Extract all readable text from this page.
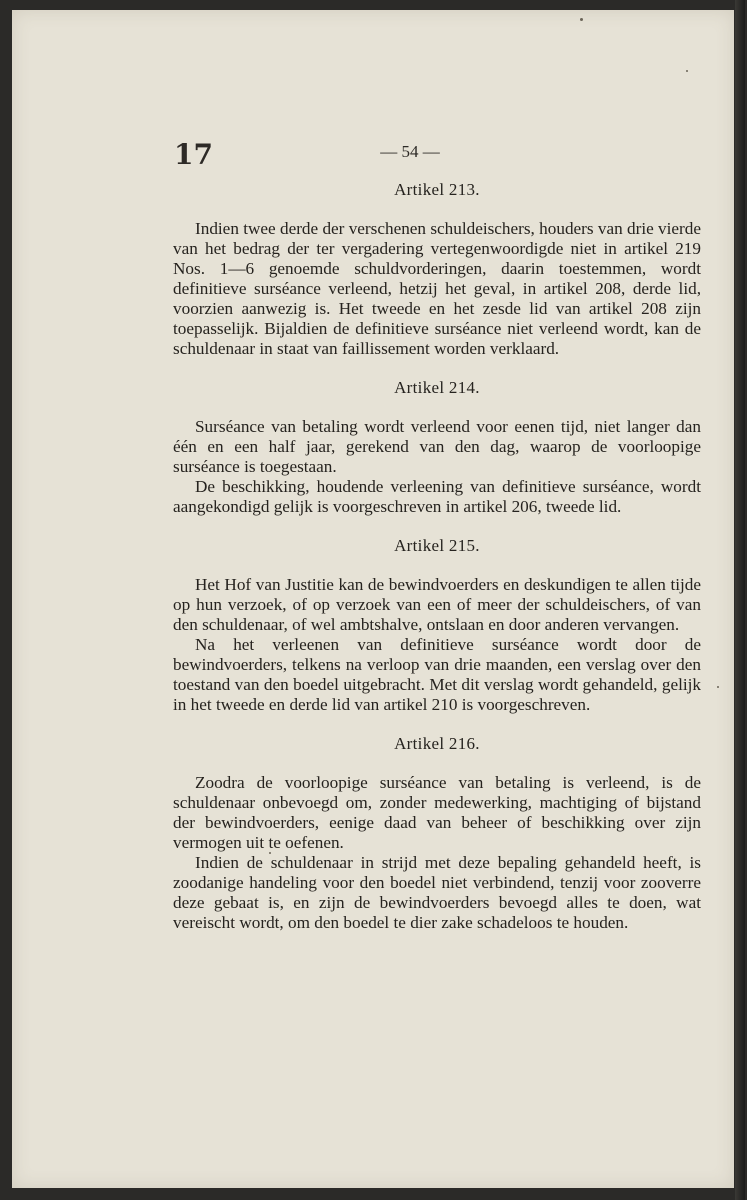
17	— 54 —

Artikel 213.

Indien twee derde der verschenen schuldeischers, houders van drie vierde van het bedrag der ter vergadering vertegenwoordigde niet in artikel 219 Nos. 1—6 genoemde schuldvorderingen, daarin toestemmen, wordt definitieve surséance verleend, hetzij het geval, in artikel 208, derde lid, voorzien aanwezig is. Het tweede en het zesde lid van artikel 208 zijn toepasselijk. Bijaldien de definitieve surséance niet verleend wordt, kan de schuldenaar in staat van faillissement worden verklaard.

Artikel 214.

Surséance van betaling wordt verleend voor eenen tijd, niet langer dan één en een half jaar, gerekend van den dag, waarop de voorloopige surséance is toegestaan.

De beschikking, houdende verleening van definitieve surséance, wordt aangekondigd gelijk is voorgeschreven in artikel 206, tweede lid.

Artikel 215.

Het Hof van Justitie kan de bewindvoerders en deskundigen te allen tijde op hun verzoek, of op verzoek van een of meer der schuldeischers, of van den schuldenaar, of wel ambtshalve, ontslaan en door anderen vervangen.

Na het verleenen van definitieve surséance wordt door de bewindvoerders, telkens na verloop van drie maanden, een verslag over den toestand van den boedel uitgebracht. Met dit verslag wordt gehandeld, gelijk in het tweede en derde lid van artikel 210 is voorgeschreven.

Artikel 216.

Zoodra de voorloopige surséance van betaling is verleend, is de schuldenaar onbevoegd om, zonder medewerking, machtiging of bijstand der bewindvoerders, eenige daad van beheer of beschikking over zijn vermogen uit te oefenen.

Indien de schuldenaar in strijd met deze bepaling gehandeld heeft, is zoodanige handeling voor den boedel niet verbindend, tenzij voor zooverre deze gebaat is, en zijn de bewindvoerders bevoegd alles te doen, wat vereischt wordt, om den boedel te dier zake schadeloos te houden.
